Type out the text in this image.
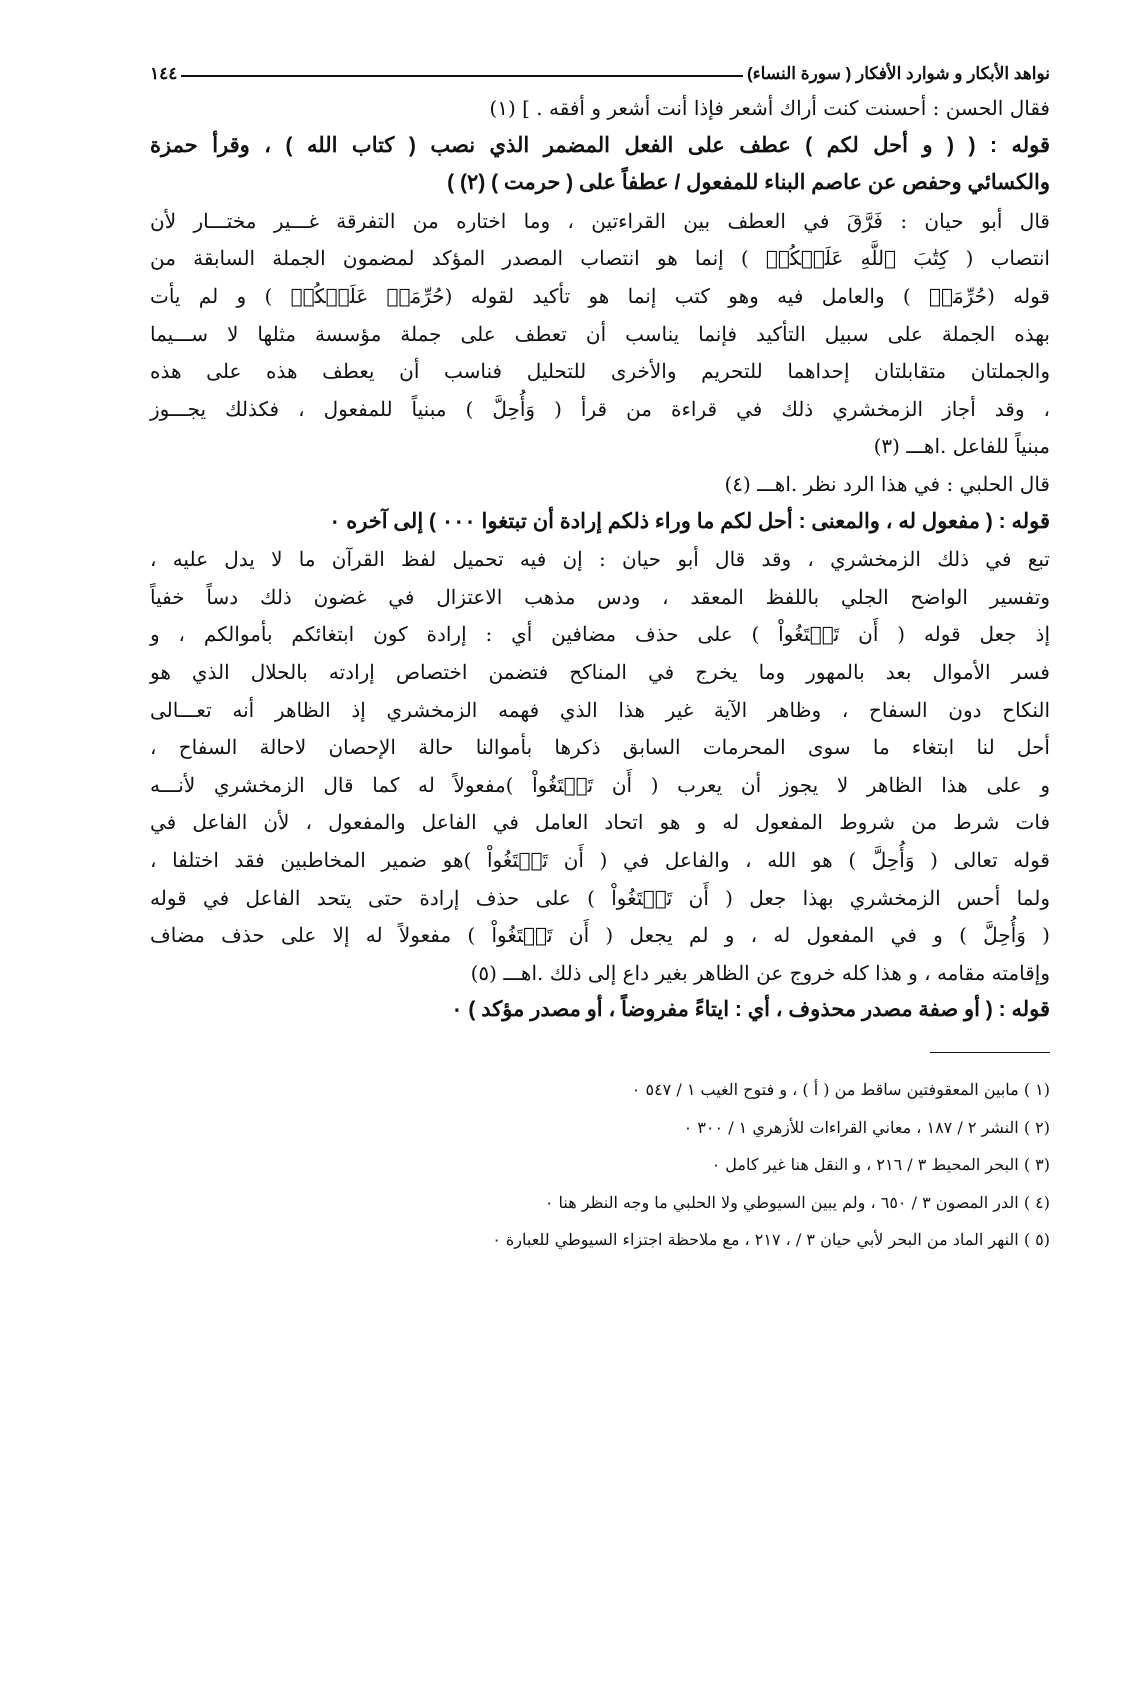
نواهد الأبكار و شوارد الأفكار ( سورة النساء)
١٤٤
فقال الحسن : أحسنت كنت أراك أشعر فإذا أنت أشعر و أفقه . ] (١)
قوله : ( ( و أحل لكم ) عطف على الفعل المضمر الذي نصب ( كتاب الله ) ، وقرأ حمزة
والكسائي وحفص عن عاصم البناء للمفعول / عطفاً على ( حرمت ) (٢) )
قال أبو حيان : فَرَّقَ في العطف بين القراءتين ، وما اختاره من التفرقة غـــير مختـــار لأن
انتصاب ( كِتَٰبَ ٱللَّهِ عَلَيۡكُمۡ ) إنما هو انتصاب المصدر المؤكد لمضمون الجملة السابقة من
قوله (حُرِّمَتۡ ) والعامل فيه وهو كتب إنما هو تأكيد لقوله (حُرِّمَتۡ عَلَيۡكُمۡ ) و لم يأت
بهذه الجملة على سبيل التأكيد فإنما يناسب أن تعطف على جملة مؤسسة مثلها لا ســـيما
والجملتان متقابلتان إحداهما للتحريم والأخرى للتحليل فناسب أن يعطف هذه على هذه
، وقد أجاز الزمخشري ذلك في قراءة من قرأ ( وَأُحِلَّ ) مبنياً للمفعول ، فكذلك يجـــوز
مبنياً للفاعل .اهـــ (٣)
قال الحلبي : في هذا الرد نظر .اهـــ (٤)
قوله : ( مفعول له ، والمعنى : أحل لكم ما وراء ذلكم إرادة أن تبتغوا ٠٠٠ ) إلى آخره ٠
تبع في ذلك الزمخشري ، وقد قال أبو حيان : إن فيه تحميل لفظ القرآن ما لا يدل عليه ،
وتفسير الواضح الجلي باللفظ المعقد ، ودس مذهب الاعتزال في غضون ذلك دساً خفياً
إذ جعل قوله ( أَن تَبۡتَغُواْ ) على حذف مضافين أي : إرادة كون ابتغائكم بأموالكم ، و
فسر الأموال بعد بالمهور وما يخرج في المناكح فتضمن اختصاص إرادته بالحلال الذي هو
النكاح دون السفاح ، وظاهر الآية غير هذا الذي فهمه الزمخشري إذ الظاهر أنه تعـــالى
أحل لنا ابتغاء ما سوى المحرمات السابق ذكرها بأموالنا حالة الإحصان لاحالة السفاح ،
و على هذا الظاهر لا يجوز أن يعرب ( أَن تَبۡتَغُواْ )مفعولاً له كما قال الزمخشري لأنـــه
فات شرط من شروط المفعول له و هو اتحاد العامل في الفاعل والمفعول ، لأن الفاعل في
قوله تعالى ( وَأُحِلَّ ) هو الله ، والفاعل في ( أَن تَبۡتَغُواْ )هو ضمير المخاطبين فقد اختلفا ،
ولما أحس الزمخشري بهذا جعل ( أَن تَبۡتَغُواْ ) على حذف إرادة حتى يتحد الفاعل في قوله
( وَأُحِلَّ ) و في المفعول له ، و لم يجعل ( أَن تَبۡتَغُواْ ) مفعولاً له إلا على حذف مضاف
وإقامته مقامه ، و هذا كله خروج عن الظاهر بغير داع إلى ذلك .اهـــ (٥)
قوله : ( أو صفة مصدر محذوف ، أي : ايتاءً مفروضاً ، أو مصدر مؤكد ) ٠
(١ ) مابين المعقوفتين ساقط من ( أ ) ، و فتوح الغيب ١ / ٥٤٧ ٠
(٢ ) النشر ٢ / ١٨٧ ، معاني القراءات للأزهري ١ / ٣٠٠ ٠
(٣ ) البحر المحيط ٣ / ٢١٦ ، و النقل هنا غير كامل ٠
(٤ ) الدر المصون ٣ / ٦٥٠ ، ولم يبين السيوطي ولا الحلبي ما وجه النظر هنا ٠
(٥ ) النهر الماد من البحر لأبي حيان ٣ / ، ٢١٧ ، مع ملاحظة اجتزاء السيوطي للعبارة ٠
